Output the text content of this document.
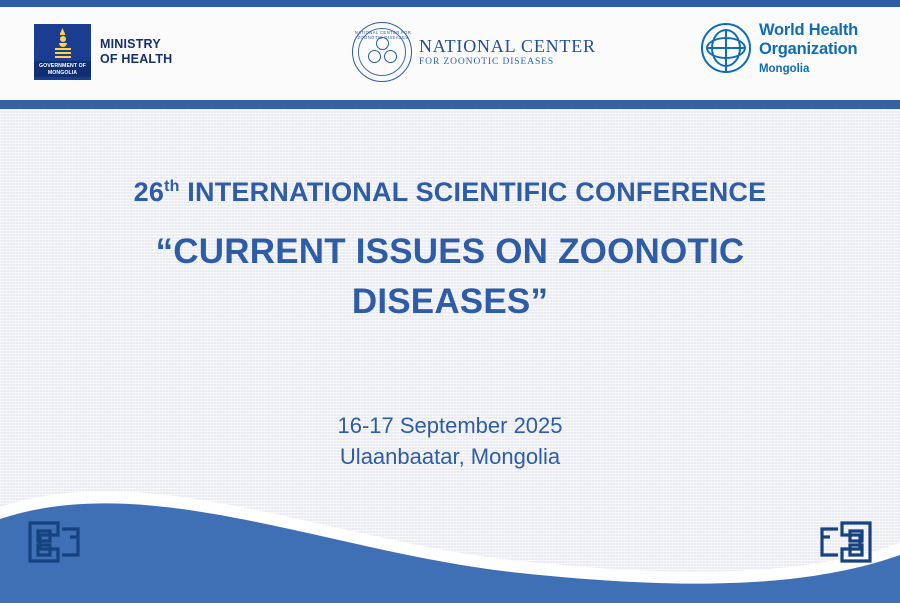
GOVERNMENT OF MONGOLIA
MINISTRY
OF HEALTH
NATIONAL CENTER FOR ZOONOTIC DISEASES NATIONAL CENTER
FOR ZOONOTIC DISEASES
World Health
Organization
Mongolia
26th INTERNATIONAL SCIENTIFIC CONFERENCE
“CURRENT ISSUES ON ZOONOTIC
DISEASES”
16-17 September 2025
Ulaanbaatar, Mongolia
